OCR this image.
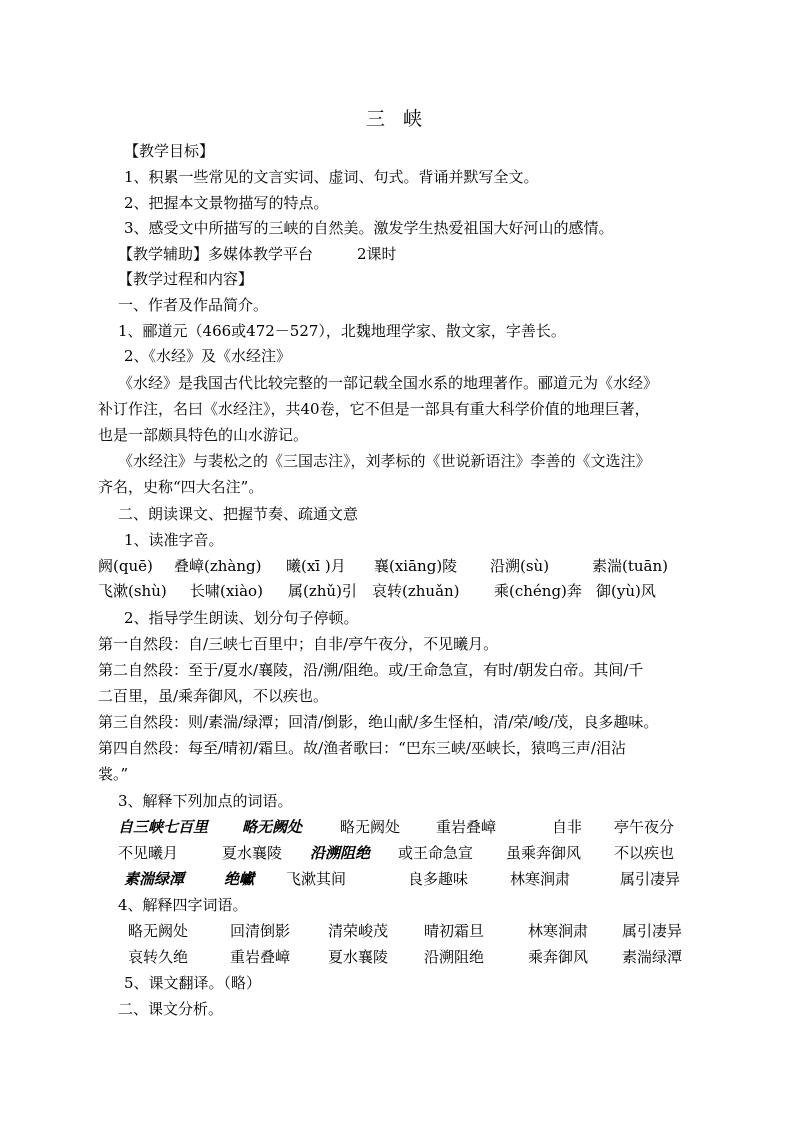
三 峡
【教学目标】
1、积累一些常见的文言实词、虚词、句式。背诵并默写全文。
2、把握本文景物描写的特点。
3、感受文中所描写的三峡的自然美。激发学生热爱祖国大好河山的感情。
【教学辅助】多媒体教学平台	2课时
【教学过程和内容】
一、作者及作品简介。
1、郦道元（466或472－527），北魏地理学家、散文家，字善长。
2、《水经》及《水经注》
《水经》是我国古代比较完整的一部记载全国水系的地理著作。郦道元为《水经》
补订作注，名曰《水经注》，共40卷，它不但是一部具有重大科学价值的地理巨著，
也是一部颇具特色的山水游记。
《水经注》与裴松之的《三国志注》，刘孝标的《世说新语注》李善的《文选注》
齐名，史称“四大名注”。
二、朗读课文、把握节奏、疏通文意
1、读准字音。
阙(quē) 叠嶂(zhàng) 曦(xī )月 襄(xiāng)陵 沿溯(sù)	素湍(tuān)
飞漱(shù) 长啸(xiào) 属(zhǔ)引 哀转(zhuǎn) 乘(chéng)奔 御(yù)风
2、指导学生朗读、划分句子停顿。
第一自然段：自/三峡七百里中；自非/亭午夜分，不见曦月。
第二自然段：至于/夏水/襄陵，沿/溯/阻绝。或/王命急宣，有时/朝发白帝。其间/千
二百里，虽/乘奔御风，不以疾也。
第三自然段：则/素湍/绿潭；回清/倒影，绝山献/多生怪柏，清/荣/峻/茂，良多趣味。
第四自然段：每至/晴初/霜旦。故/渔者歌曰：“巴东三峡/巫峡长，猿鸣三声/泪沾
裳。”
3、解释下列加点的词语。
自三峡七百里 略无阙处	略无阙处 重岩叠嶂	自非 亭午夜分
不见曦月	夏水襄陵 沿溯阻绝 或王命急宣 虽乘奔御风 不以疾也
素湍绿潭	绝巘 飞漱其间	良多趣味	林寒涧肃	属引凄异
4、解释四字词语。
略无阙处	回清倒影	清荣峻茂 晴初霜旦	林寒涧肃 属引凄异
哀转久绝	重岩叠嶂	夏水襄陵 沿溯阻绝	乘奔御风 素湍绿潭
5、课文翻译。（略）
二、课文分析。
